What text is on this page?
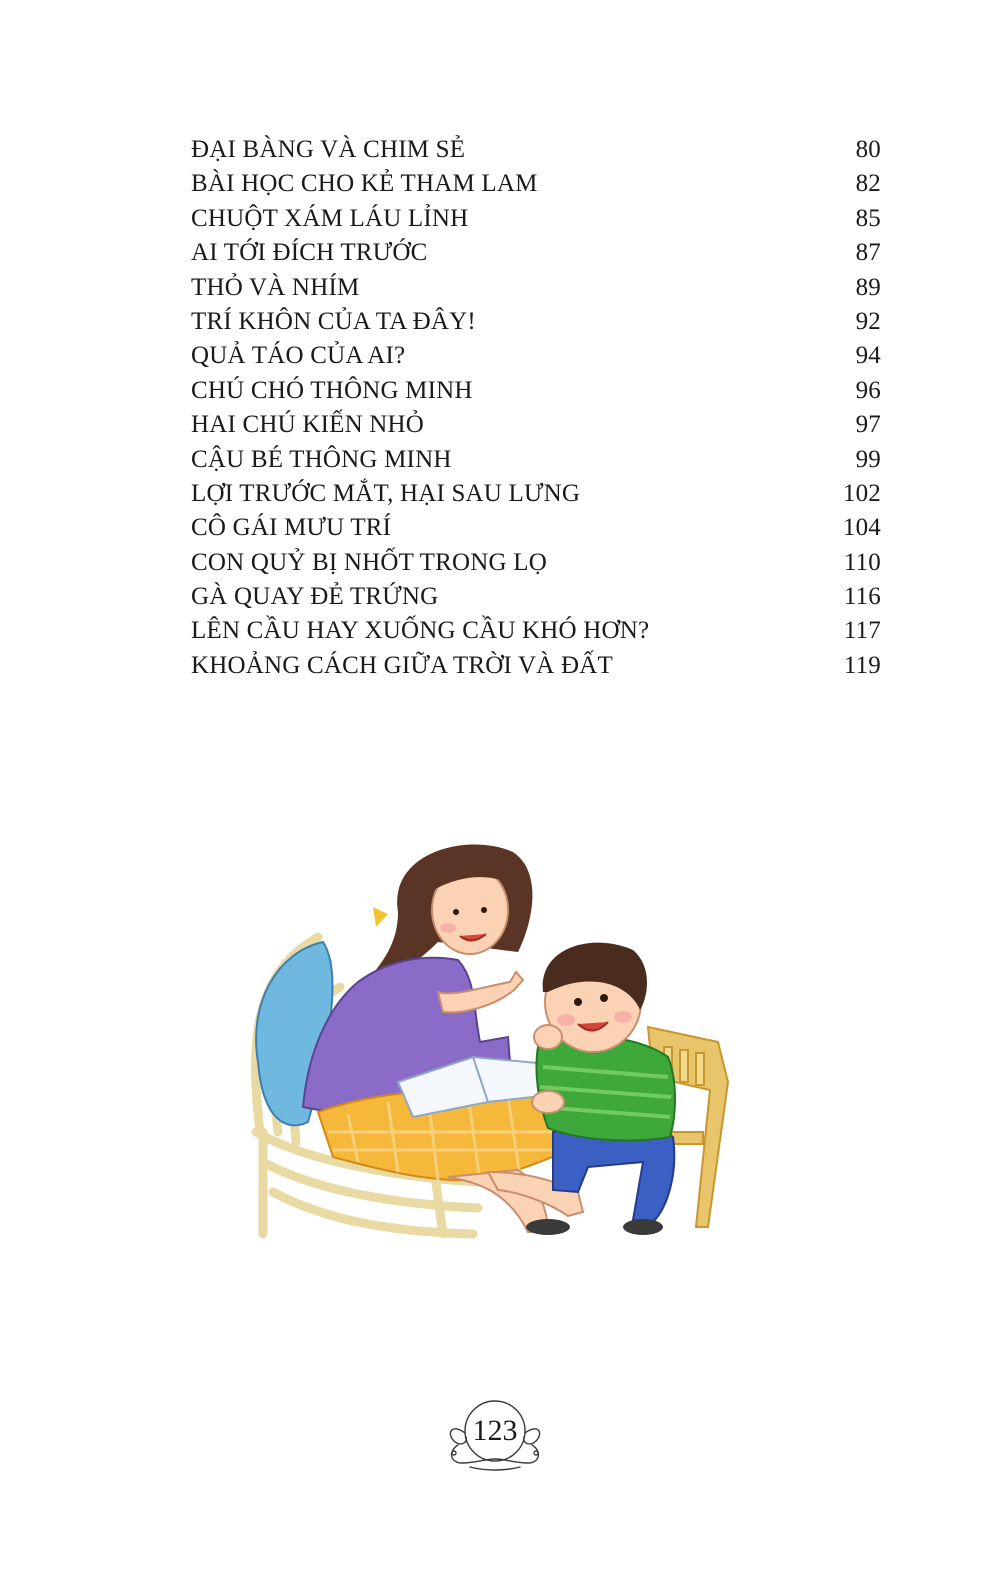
ĐẠI BÀNG VÀ CHIM SẺ	80
BÀI HỌC CHO KẺ THAM LAM	82
CHUỘT XÁM LÁU LỈNH	85
AI TỚI ĐÍCH TRƯỚC	87
THỎ VÀ NHÍM	89
TRÍ KHÔN CỦA TA ĐÂY!	92
QUẢ TÁO CỦA AI?	94
CHÚ CHÓ THÔNG MINH	96
HAI CHÚ KIẾN NHỎ	97
CẬU BÉ THÔNG MINH	99
LỢI TRƯỚC MẮT, HẠI SAU LƯNG	102
CÔ GÁI MƯU TRÍ	104
CON QUỶ BỊ NHỐT TRONG LỌ	110
GÀ QUAY ĐẺ TRỨNG	116
LÊN CẦU HAY XUỐNG CẦU KHÓ HƠN?	117
KHOẢNG CÁCH GIỮA TRỜI VÀ ĐẤT	119
123
